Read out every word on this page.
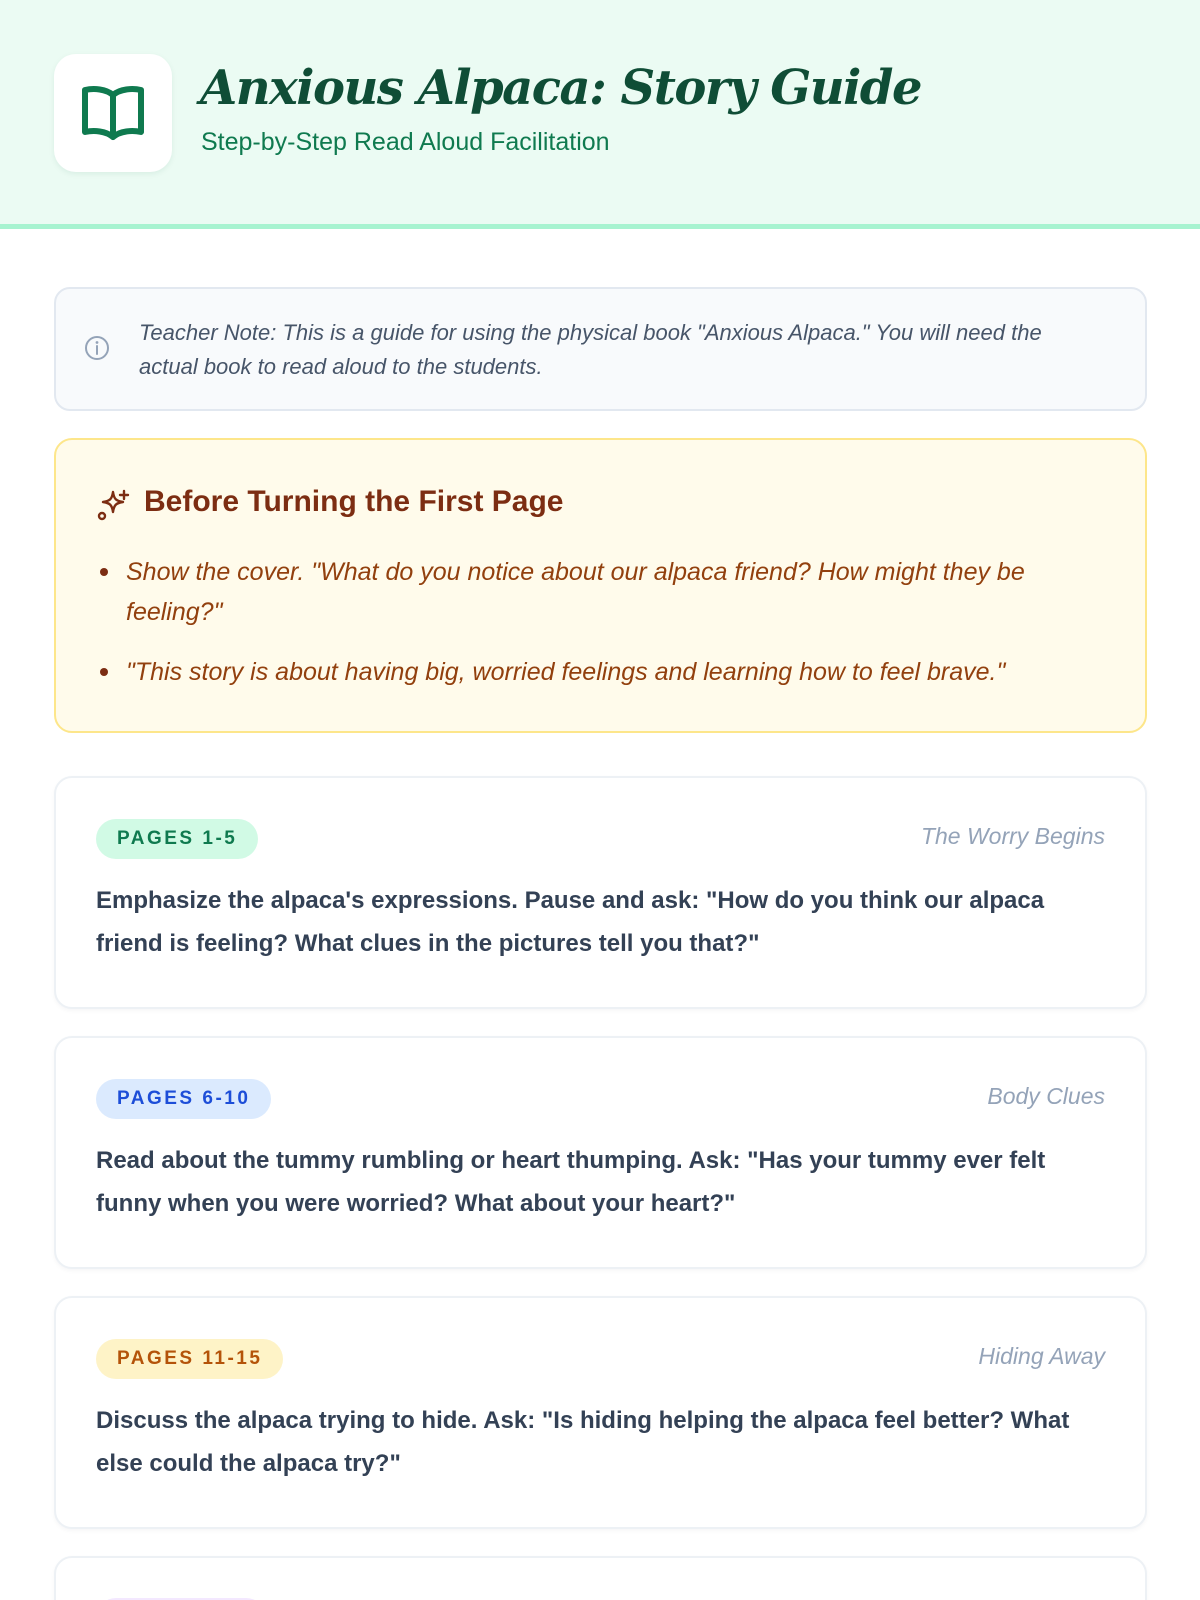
Anxious Alpaca: Story Guide
Step-by-Step Read Aloud Facilitation

Teacher Note: This is a guide for using the physical book "Anxious Alpaca." You will need the actual book to read aloud to the students.

Before Turning the First Page
Show the cover. "What do you notice about our alpaca friend? How might they be feeling?"
"This story is about having big, worried feelings and learning how to feel brave."
PAGES 1-5	The Worry Begins

Emphasize the alpaca's expressions. Pause and ask: "How do you think our alpaca friend is feeling? What clues in the pictures tell you that?"

PAGES 6-10	Body Clues

Read about the tummy rumbling or heart thumping. Ask: "Has your tummy ever felt funny when you were worried? What about your heart?"

PAGES 11-15	Hiding Away

Discuss the alpaca trying to hide. Ask: "Is hiding helping the alpaca feel better? What else could the alpaca try?"
